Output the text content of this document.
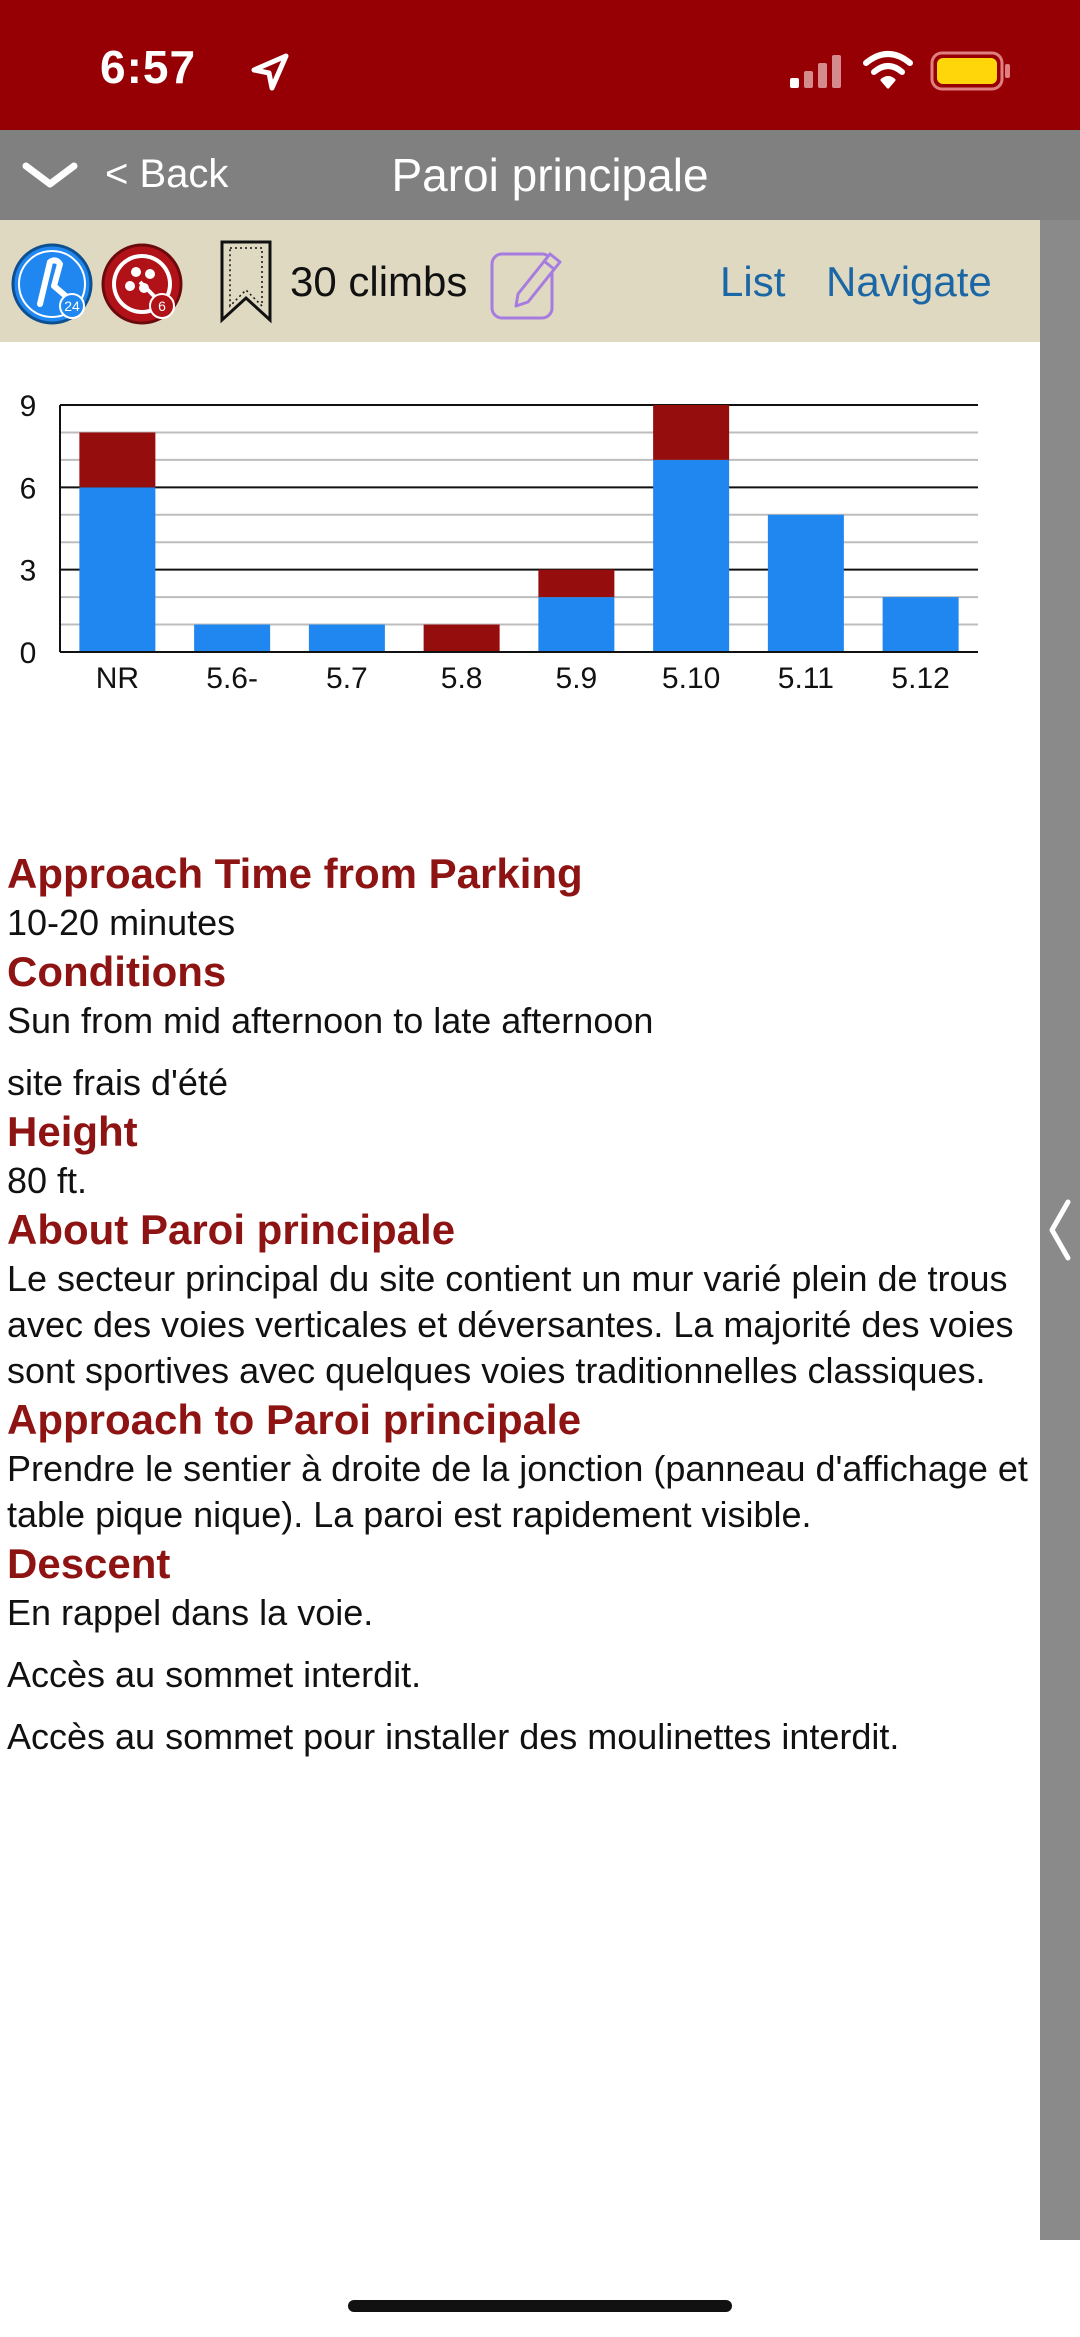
6:57
< Back	Paroi principale
24	6
30 climbs	List Navigate
0
3
6
9
NR 5.6- 5.7 5.8 5.9 5.10 5.11 5.12
Approach Time from Parking
10-20 minutes
Conditions
Sun from mid afternoon to late afternoon
site frais d'été
Height
80 ft.
About Paroi principale
Le secteur principal du site contient un mur varié plein de trous avec des voies verticales et déversantes. La majorité des voies sont sportives avec quelques voies traditionnelles classiques.
Approach to Paroi principale
Prendre le sentier à droite de la jonction (panneau d'affichage et table pique nique). La paroi est rapidement visible.
Descent
En rappel dans la voie.
Accès au sommet interdit.
Accès au sommet pour installer des moulinettes interdit.
